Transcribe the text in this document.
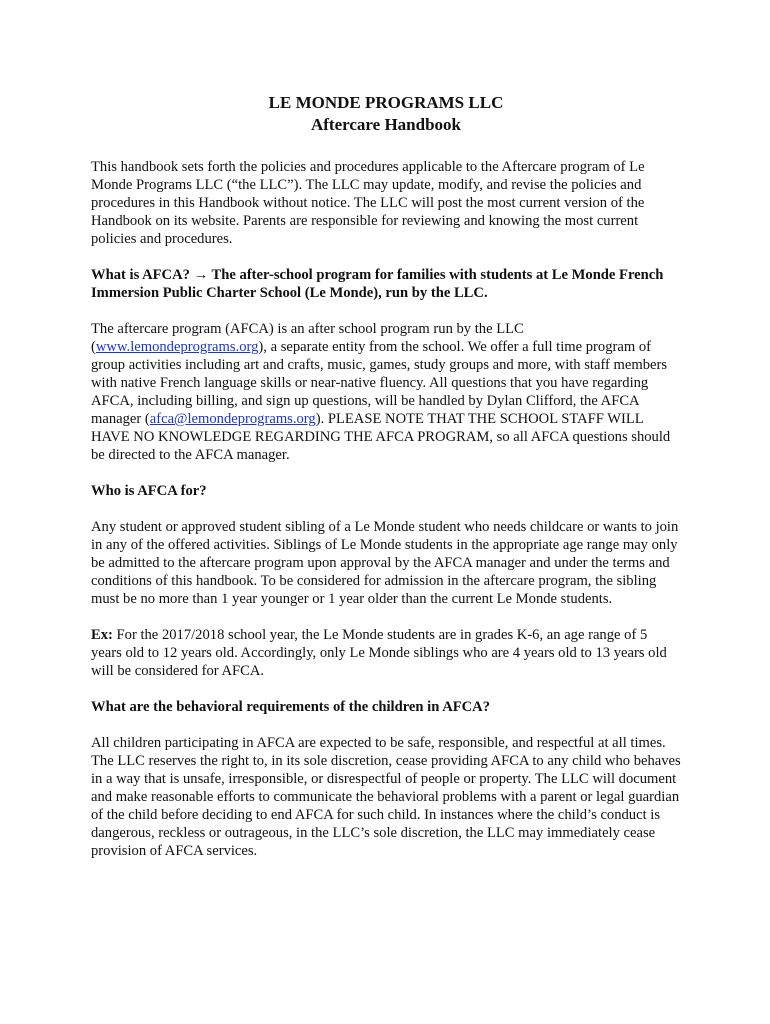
LE MONDE PROGRAMS LLC
Aftercare Handbook

This handbook sets forth the policies and procedures applicable to the Aftercare program of Le Monde Programs LLC (“the LLC”). The LLC may update, modify, and revise the policies and procedures in this Handbook without notice. The LLC will post the most current version of the Handbook on its website. Parents are responsible for reviewing and knowing the most current policies and procedures.

What is AFCA? → The after-school program for families with students at Le Monde French Immersion Public Charter School (Le Monde), run by the LLC.

The aftercare program (AFCA) is an after school program run by the LLC (www.lemondeprograms.org), a separate entity from the school. We offer a full time program of group activities including art and crafts, music, games, study groups and more, with staff members with native French language skills or near-native fluency. All questions that you have regarding AFCA, including billing, and sign up questions, will be handled by Dylan Clifford, the AFCA manager (afca@lemondeprograms.org). PLEASE NOTE THAT THE SCHOOL STAFF WILL HAVE NO KNOWLEDGE REGARDING THE AFCA PROGRAM, so all AFCA questions should be directed to the AFCA manager.

Who is AFCA for?

Any student or approved student sibling of a Le Monde student who needs childcare or wants to join in any of the offered activities. Siblings of Le Monde students in the appropriate age range may only be admitted to the aftercare program upon approval by the AFCA manager and under the terms and conditions of this handbook. To be considered for admission in the aftercare program, the sibling must be no more than 1 year younger or 1 year older than the current Le Monde students.

Ex: For the 2017/2018 school year, the Le Monde students are in grades K-6, an age range of 5 years old to 12 years old. Accordingly, only Le Monde siblings who are 4 years old to 13 years old will be considered for AFCA.

What are the behavioral requirements of the children in AFCA?

All children participating in AFCA are expected to be safe, responsible, and respectful at all times. The LLC reserves the right to, in its sole discretion, cease providing AFCA to any child who behaves in a way that is unsafe, irresponsible, or disrespectful of people or property. The LLC will document and make reasonable efforts to communicate the behavioral problems with a parent or legal guardian of the child before deciding to end AFCA for such child. In instances where the child’s conduct is dangerous, reckless or outrageous, in the LLC’s sole discretion, the LLC may immediately cease provision of AFCA services.
